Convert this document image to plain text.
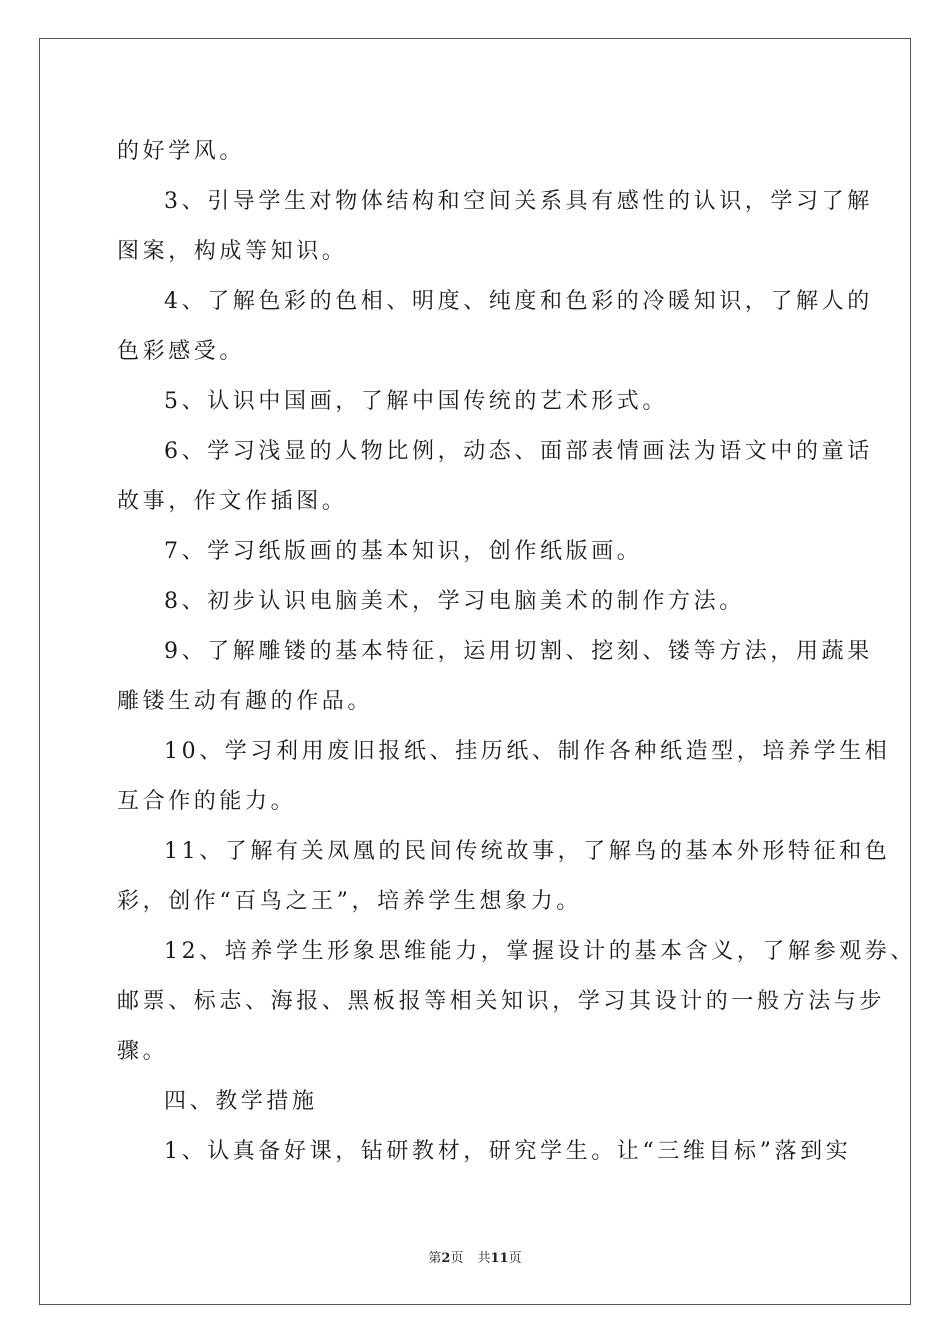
的好学风。
3、引导学生对物体结构和空间关系具有感性的认识，学习了解
图案，构成等知识。
4、了解色彩的色相、明度、纯度和色彩的冷暖知识，了解人的
色彩感受。
5、认识中国画，了解中国传统的艺术形式。
6、学习浅显的人物比例，动态、面部表情画法为语文中的童话
故事，作文作插图。
7、学习纸版画的基本知识，创作纸版画。
8、初步认识电脑美术，学习电脑美术的制作方法。
9、了解雕镂的基本特征，运用切割、挖刻、镂等方法，用蔬果
雕镂生动有趣的作品。
10、学习利用废旧报纸、挂历纸、制作各种纸造型，培养学生相
互合作的能力。
11、了解有关凤凰的民间传统故事，了解鸟的基本外形特征和色
彩，创作“百鸟之王”，培养学生想象力。
12、培养学生形象思维能力，掌握设计的基本含义，了解参观券、
邮票、标志、海报、黑板报等相关知识，学习其设计的一般方法与步
骤。
四、教学措施
1、认真备好课，钻研教材，研究学生。让“三维目标”落到实
第2页 共11页
